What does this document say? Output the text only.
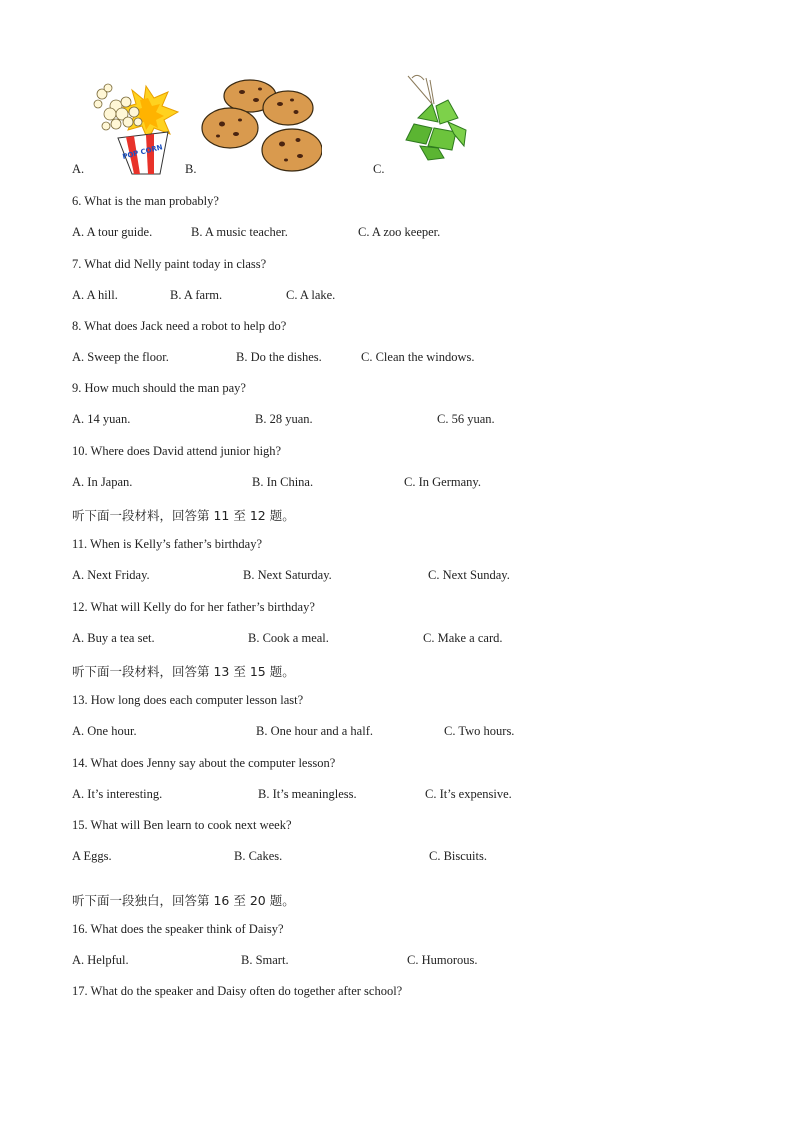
A.	B.	C.
POP CORN
6. What is the man probably?
A. A tour guide.	B. A music teacher.	C. A zoo keeper.
7. What did Nelly paint today in class?
A. A hill.	B. A farm.	C. A lake.
8. What does Jack need a robot to help do?
A. Sweep the floor.	B. Do the dishes.	C. Clean the windows.
9. How much should the man pay?
A. 14 yuan.	B. 28 yuan.	C. 56 yuan.
10. Where does David attend junior high?
A. In Japan.	B. In China.	C. In Germany.
听下面一段材料，回答第 11 至 12 题。
11. When is Kelly’s father’s birthday?
A. Next Friday.	B. Next Saturday.	C. Next Sunday.
12. What will Kelly do for her father’s birthday?
A. Buy a tea set.	B. Cook a meal.	C. Make a card.
听下面一段材料，回答第 13 至 15 题。
13. How long does each computer lesson last?
A. One hour.	B. One hour and a half.	C. Two hours.
14. What does Jenny say about the computer lesson?
A. It’s interesting.	B. It’s meaningless.	C. It’s expensive.
15. What will Ben learn to cook next week?
A Eggs.	B. Cakes.	C. Biscuits.
听下面一段独白，回答第 16 至 20 题。
16. What does the speaker think of Daisy?
A. Helpful.	B. Smart.	C. Humorous.
17. What do the speaker and Daisy often do together after school?
